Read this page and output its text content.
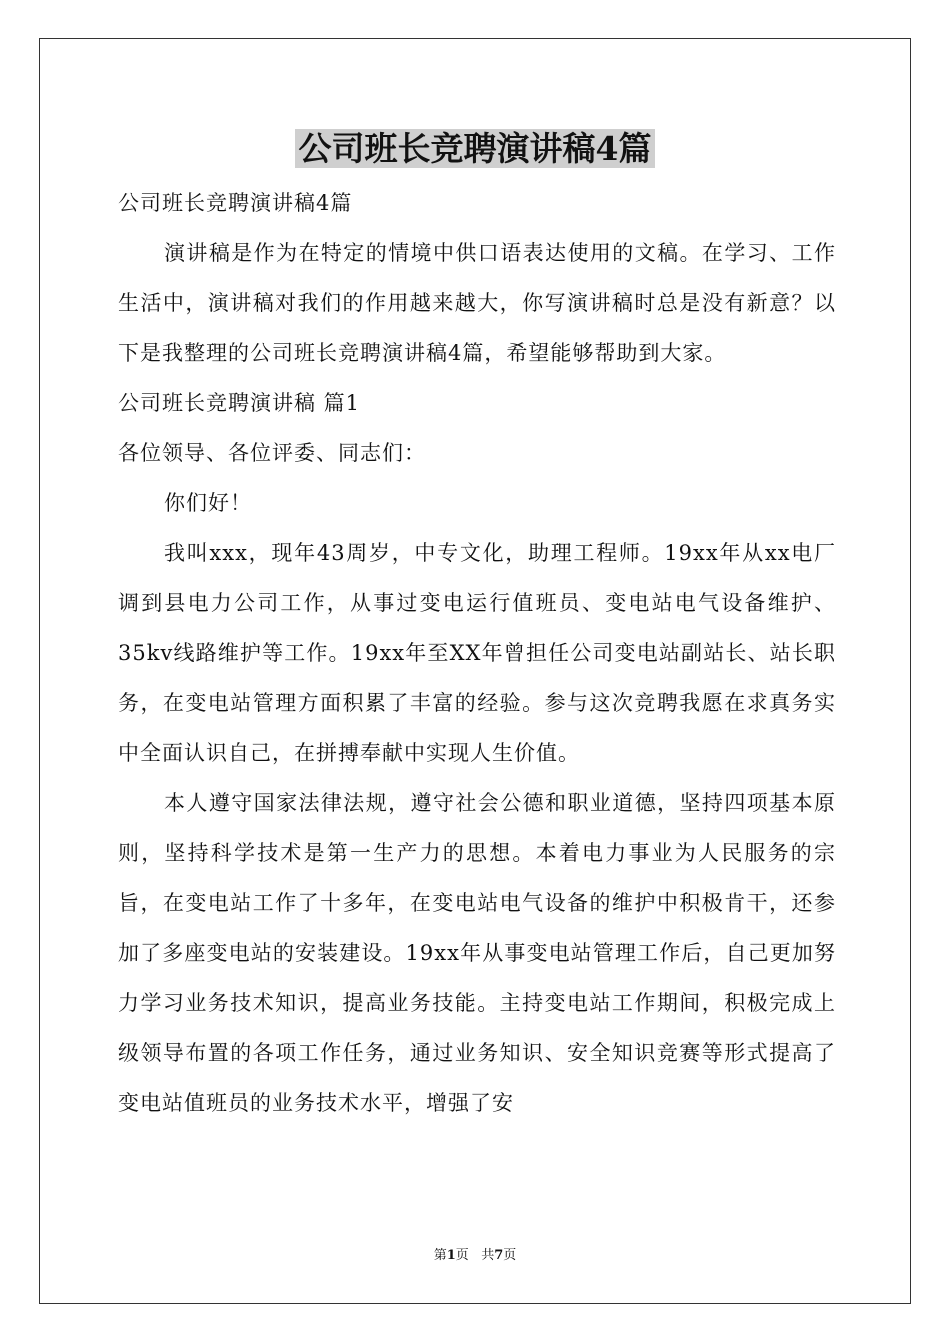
公司班长竞聘演讲稿4篇

公司班长竞聘演讲稿4篇

演讲稿是作为在特定的情境中供口语表达使用的文稿。在学习、工作生活中，演讲稿对我们的作用越来越大，你写演讲稿时总是没有新意？以下是我整理的公司班长竞聘演讲稿4篇，希望能够帮助到大家。

公司班长竞聘演讲稿 篇1

各位领导、各位评委、同志们：

你们好！

我叫xxx，现年43周岁，中专文化，助理工程师。19xx年从xx电厂调到县电力公司工作，从事过变电运行值班员、变电站电气设备维护、35kv线路维护等工作。19xx年至XX年曾担任公司变电站副站长、站长职务，在变电站管理方面积累了丰富的经验。参与这次竞聘我愿在求真务实中全面认识自己，在拼搏奉献中实现人生价值。

本人遵守国家法律法规，遵守社会公德和职业道德，坚持四项基本原则，坚持科学技术是第一生产力的思想。本着电力事业为人民服务的宗旨，在变电站工作了十多年，在变电站电气设备的维护中积极肯干，还参加了多座变电站的安装建设。19xx年从事变电站管理工作后，自己更加努力学习业务技术知识，提高业务技能。主持变电站工作期间，积极完成上级领导布置的各项工作任务，通过业务知识、安全知识竞赛等形式提高了变电站值班员的业务技术水平，增强了安

第1页   共7页
